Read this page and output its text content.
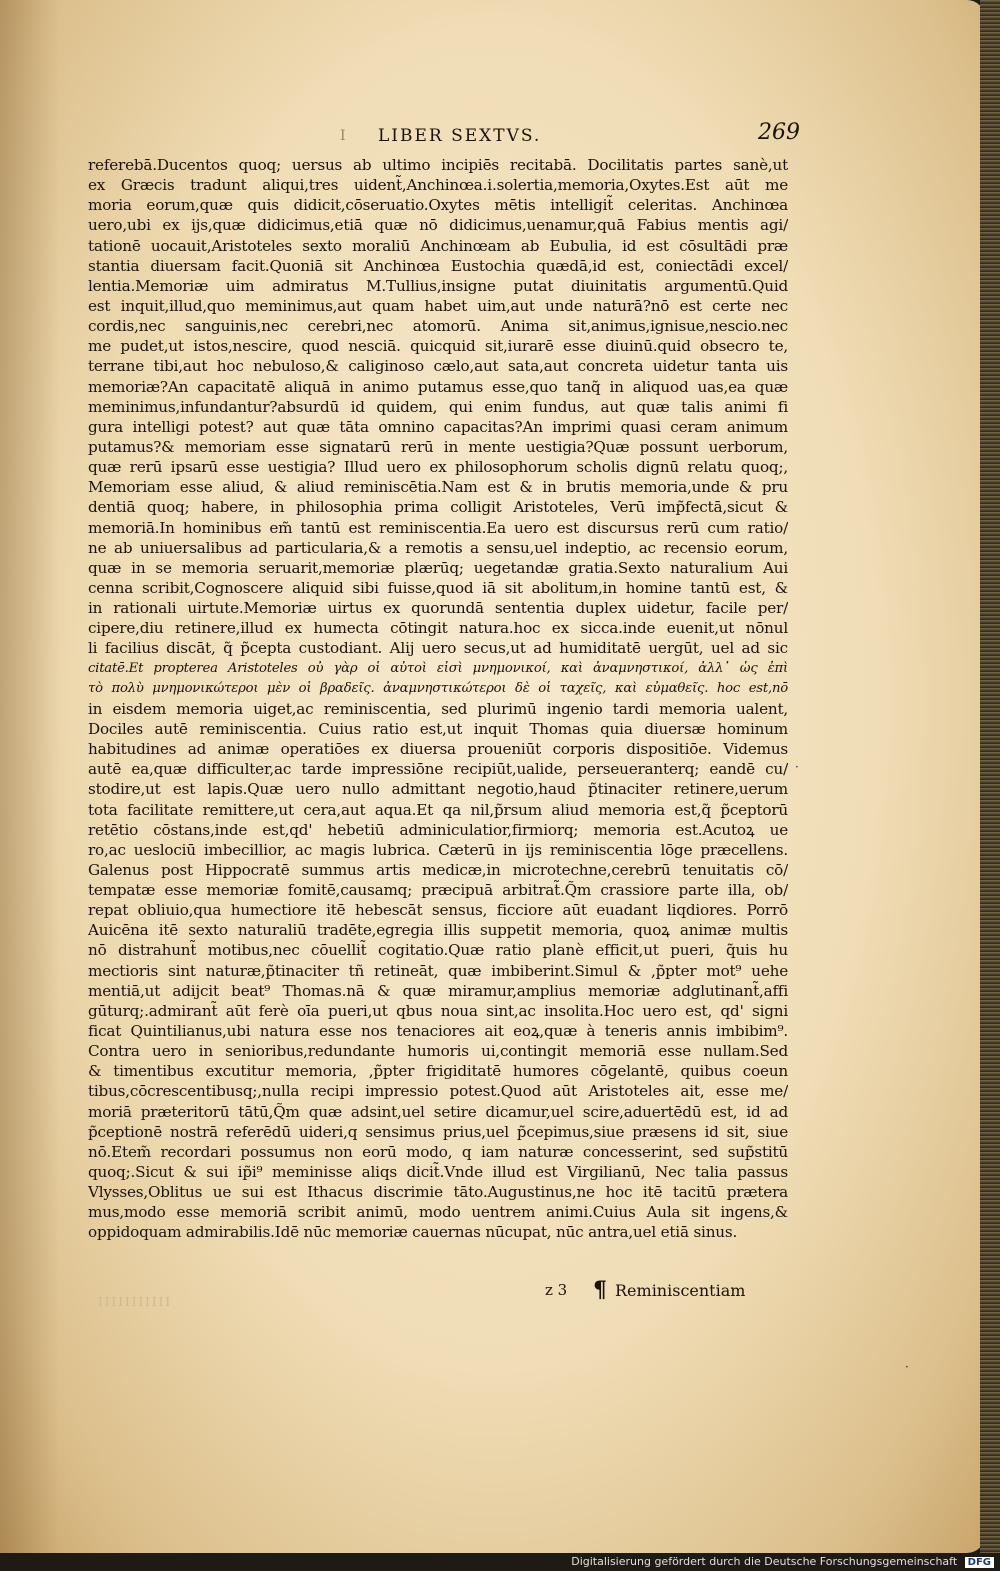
Ι LIBER SEXTVS.	269
referebā.Ducentos quoq; uersus ab ultimo incipiēs recitabā. Docilitatis partes sanè,ut
ex Græcis tradunt aliqui,tres uident̃,Anchinœa.i.solertia,memoria,Oxytes.Est aūt me
moria eorum,quæ quis didicit,cōseruatio.Oxytes mētis intelligit̃ celeritas. Anchinœa
uero,ubi ex ijs,quæ didicimus,etiā quæ nō didicimus,uenamur,quā Fabius mentis agi/
tationē uocauit,Aristoteles sexto moraliū Anchinœam ab Eubulia, id est cōsultādi præ
stantia diuersam facit.Quoniā sit Anchinœa Eustochia quædā,id est, coniectādi excel/
lentia.Memoriæ uim admiratus M.Tullius,insigne putat diuinitatis argumentū.Quid
est inquit,illud,quo meminimus,aut quam habet uim,aut unde naturā?nō est certe nec
cordis,nec sanguinis,nec cerebri,nec atomorū. Anima sit,animus,ignisue,nescio.nec
me pudet,ut istos,nescire, quod nesciā. quicquid sit,iurarē esse diuinū.quid obsecro te,
terrane tibi,aut hoc nebuloso,& caliginoso cælo,aut sata,aut concreta uidetur tanta uis
memoriæ?An capacitatē aliquā in animo putamus esse,quo tanq̃ in aliquod uas,ea quæ
meminimus,infundantur?absurdū id quidem, qui enim fundus, aut quæ talis animi fi
gura intelligi potest? aut quæ tāta omnino capacitas?An imprimi quasi ceram animum
putamus?& memoriam esse signatarū rerū in mente uestigia?Quæ possunt uerborum,
quæ rerū ipsarū esse uestigia? Illud uero ex philosophorum scholis dignū relatu quoq;,
Memoriam esse aliud, & aliud reminiscētia.Nam est & in brutis memoria,unde & pru
dentiā quoq; habere, in philosophia prima colligit Aristoteles, Verū imp̃fectā,sicut &
memoriā.In hominibus em̃ tantū est reminiscentia.Ea uero est discursus rerū cum ratio/
ne ab uniuersalibus ad particularia,& a remotis a sensu,uel indeptio, ac recensio eorum,
quæ in se memoria seruarit,memoriæ plærūq; uegetandæ gratia.Sexto naturalium Aui
cenna scribit,Cognoscere aliquid sibi fuisse,quod iā sit abolitum,in homine tantū est, &
in rationali uirtute.Memoriæ uirtus ex quorundā sententia duplex uidetur, facile per/
cipere,diu retinere,illud ex humecta cōtingit natura.hoc ex sicca.inde euenit,ut nōnul
li facilius discāt, q̃ p̃cepta custodiant. Alij uero secus,ut ad humiditatē uergūt, uel ad sic
citatē.Et propterea Aristoteles οὐ γὰρ οἱ αὐτοὶ εἰσὶ μνημονικοί, καὶ ἀναμνηστικοί, ἀλλ᾽ ὡς ἐπὶ
τὸ πολὺ μνημονικώτεροι μὲν οἱ βραδεῖς. ἀναμνηστικώτεροι δὲ οἱ ταχεῖς, καὶ εὐμαθεῖς. hoc est,nō
in eisdem memoria uiget,ac reminiscentia, sed plurimū ingenio tardi memoria ualent,
Dociles autē reminiscentia. Cuius ratio est,ut inquit Thomas quia diuersæ hominum
habitudines ad animæ operatiōes ex diuersa proueniūt corporis dispositiōe. Videmus
autē ea,quæ difficulter,ac tarde impressiōne recipiūt,ualide, perseueranterq; eandē cu/
stodire,ut est lapis.Quæ uero nullo admittant negotio,haud p̃tinaciter retinere,uerum
tota facilitate remittere,ut cera,aut aqua.Et qa nil,p̃rsum aliud memoria est,q̃ p̃ceptorū
retētio cōstans,inde est,qd' hebetiū adminiculatior,firmiorq; memoria est.Acutoꝝ ue
ro,ac ueslociū imbecillior, ac magis lubrica. Cæterū in ijs reminiscentia lōge præcellens.
Galenus post Hippocratē summus artis medicæ,in microtechne,cerebrū tenuitatis cō/
tempatæ esse memoriæ fomitē,causamq; præcipuā arbitrat̃.Q̃m crassiore parte illa, ob/
repat obliuio,qua humectiore itē hebescāt sensus, ficciore aūt euadant liqdiores. Porrō
Auicēna itē sexto naturaliū tradēte,egregia illis suppetit memoria, quoꝝ animæ multis
nō distrahunt̃ motibus,nec cōuellit̃ cogitatio.Quæ ratio planè efficit,ut pueri, q̃uis hu
mectioris sint naturæ,p̃tinaciter tñ retineāt, quæ imbiberint.Simul & ,p̃pter mot⁹ uehe
mentiā,ut adijcit beat⁹ Thomas.nā & quæ miramur,amplius memoriæ adglutinant̃,affi
gūturq;.admirant̃ aūt ferè oīa pueri,ut qbus noua sint,ac insolita.Hoc uero est, qd' signi
ficat Quintilianus,ubi natura esse nos tenaciores ait eoꝝ,quæ à teneris annis imbibim⁹.
Contra uero in senioribus,redundante humoris ui,contingit memoriā esse nullam.Sed
& timentibus excutitur memoria, ,p̃pter frigiditatē humores cōgelantē, quibus coeun
tibus,cōcrescentibusq;,nulla recipi impressio potest.Quod aūt Aristoteles ait, esse me/
moriā præteritorū tātū,Q̃m quæ adsint,uel setire dicamur,uel scire,aduertēdū est, id ad
p̃ceptionē nostrā referēdū uideri,q sensimus prius,uel p̃cepimus,siue præsens id sit, siue
nō.Etem̃ recordari possumus non eorū modo, q iam naturæ concesserint, sed sup̃stitū
quoq;.Sicut & sui ip̃i⁹ meminisse aliqs dicit̃.Vnde illud est Virgilianū, Nec talia passus
Vlysses,Oblitus ue sui est Ithacus discrimie tāto.Augustinus,ne hoc itē tacitū prætera
mus,modo esse memoriā scribit animū, modo uentrem animi.Cuius Aula sit ingens,&
oppidoquam admirabilis.Idē nūc memoriæ cauernas nūcupat, nūc antra,uel etiā sinus.
·
·
IIIIIIIIIII
z 3 ¶ Reminiscentiam
Digitalisierung gefördert durch die Deutsche Forschungsgemeinschaft DFG
